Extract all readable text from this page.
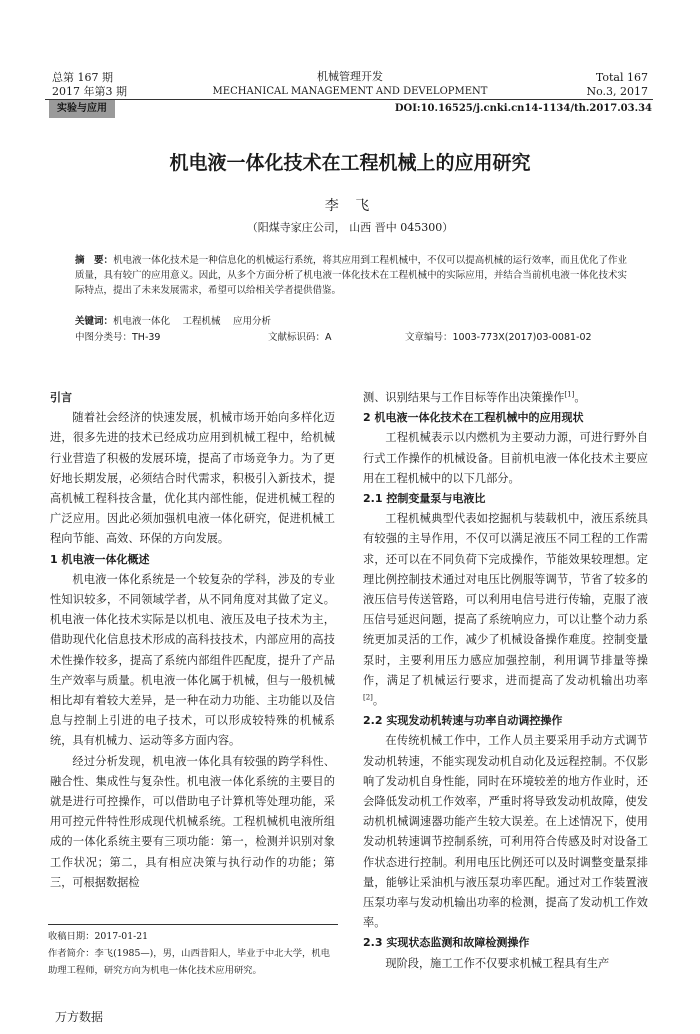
总第 167 期
2017 年第3 期
机械管理开发
MECHANICAL MANAGEMENT AND DEVELOPMENT
Total 167
No.3, 2017
实验与应用	DOI:10.16525/j.cnki.cn14-1134/th.2017.03.34
机电液一体化技术在工程机械上的应用研究
李 飞
（阳煤寺家庄公司， 山西 晋中 045300）
摘　要：机电液一体化技术是一种信息化的机械运行系统，将其应用到工程机械中，不仅可以提高机械的运行效率，而且优化了作业质量，具有较广的应用意义。因此，从多个方面分析了机电液一体化技术在工程机械中的实际应用，并结合当前机电液一体化技术实际特点，提出了未来发展需求，希望可以给相关学者提供借鉴。
关键词：机电液一体化　 工程机械　 应用分析
中图分类号：TH-39	文献标识码：A	文章编号：1003-773X(2017)03-0081-02

引言

随着社会经济的快速发展，机械市场开始向多样化迈进，很多先进的技术已经成功应用到机械工程中，给机械行业营造了积极的发展环境，提高了市场竞争力。为了更好地长期发展，必须结合时代需求，积极引入新技术，提高机械工程科技含量，优化其内部性能，促进机械工程的广泛应用。因此必须加强机电液一体化研究，促进机械工程向节能、高效、环保的方向发展。

1 机电液一体化概述

机电液一体化系统是一个较复杂的学科，涉及的专业性知识较多，不同领域学者，从不同角度对其做了定义。机电液一体化技术实际是以机电、液压及电子技术为主，借助现代化信息技术形成的高科技技术，内部应用的高技术性操作较多，提高了系统内部组件匹配度，提升了产品生产效率与质量。机电液一体化属于机械，但与一般机械相比却有着较大差异，是一种在动力功能、主功能以及信息与控制上引进的电子技术，可以形成较特殊的机械系统，具有机械力、运动等多方面内容。

经过分析发现，机电液一体化具有较强的跨学科性、融合性、集成性与复杂性。机电液一体化系统的主要目的就是进行可控操作，可以借助电子计算机等处理功能，采用可控元件特性形成现代机械系统。工程机械机电液所组成的一体化系统主要有三项功能：第一，检测并识别对象工作状况；第二，具有相应决策与执行动作的功能；第三，可根据数据检

收稿日期：2017-01-21
作者简介：李飞(1985—)，男，山西昔阳人，毕业于中北大学，机电助理工程师，研究方向为机电一体化技术应用研究。

测、识别结果与工作目标等作出决策操作[1]。

2 机电液一体化技术在工程机械中的应用现状

工程机械表示以内燃机为主要动力源，可进行野外自行式工作操作的机械设备。目前机电液一体化技术主要应用在工程机械中的以下几部分。

2.1 控制变量泵与电液比

工程机械典型代表如挖掘机与装载机中，液压系统具有较强的主导作用，不仅可以满足液压不同工程的工作需求，还可以在不同负荷下完成操作，节能效果较理想。定理比例控制技术通过对电压比例服等调节，节省了较多的液压信号传送管路，可以利用电信号进行传输，克服了液压信号延迟问题，提高了系统响应力，可以让整个动力系统更加灵活的工作，减少了机械设备操作难度。控制变量泵时，主要利用压力感应加强控制，利用调节排量等操作，满足了机械运行要求，进而提高了发动机输出功率[2]。

2.2 实现发动机转速与功率自动调控操作

在传统机械工作中，工作人员主要采用手动方式调节发动机转速，不能实现发动机自动化及远程控制。不仅影响了发动机自身性能，同时在环境较差的地方作业时，还会降低发动机工作效率，严重时将导致发动机故障，使发动机机械调速器功能产生较大误差。在上述情况下，使用发动机转速调节控制系统，可利用符合传感及时对设备工作状态进行控制。利用电压比例还可以及时调整变量泵排量，能够让采油机与液压泵功率匹配。通过对工作装置液压泵功率与发动机输出功率的检测，提高了发动机工作效率。

2.3 实现状态监测和故障检测操作

现阶段，施工工作不仅要求机械工程具有生产

万方数据
